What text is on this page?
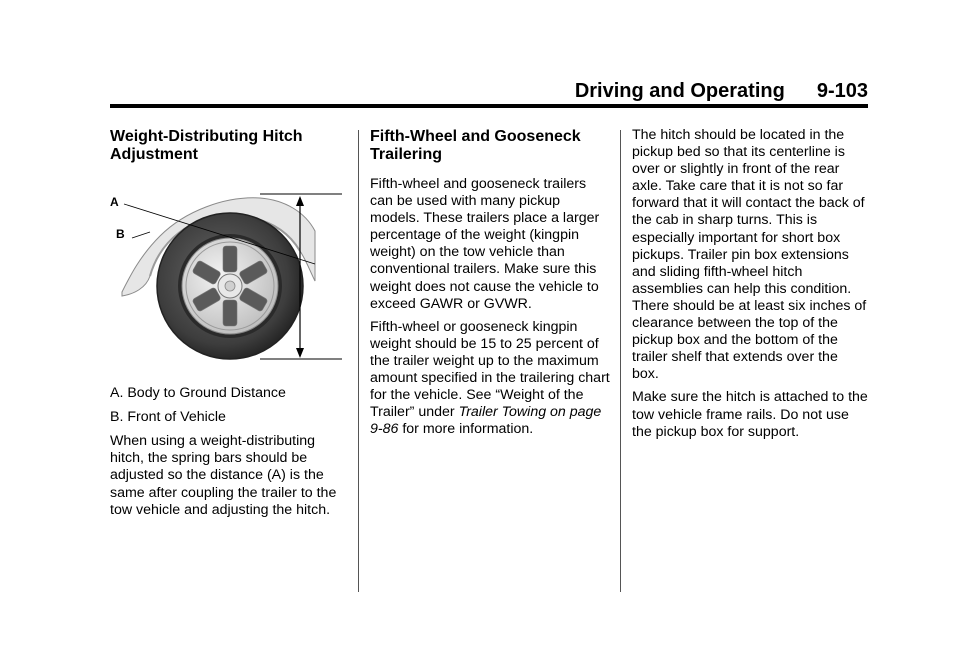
Driving and Operating 9-103
Weight-Distributing Hitch Adjustment
A
B

A. Body to Ground Distance

B. Front of Vehicle

When using a weight-distributing hitch, the spring bars should be adjusted so the distance (A) is the same after coupling the trailer to the tow vehicle and adjusting the hitch.

Fifth-Wheel and Gooseneck Trailering

Fifth-wheel and gooseneck trailers can be used with many pickup models. These trailers place a larger percentage of the weight (kingpin weight) on the tow vehicle than conventional trailers. Make sure this weight does not cause the vehicle to exceed GAWR or GVWR.

Fifth-wheel or gooseneck kingpin weight should be 15 to 25 percent of the trailer weight up to the maximum amount specified in the trailering chart for the vehicle. See “Weight of the Trailer” under Trailer Towing on page 9‑86 for more information.

The hitch should be located in the pickup bed so that its centerline is over or slightly in front of the rear axle. Take care that it is not so far forward that it will contact the back of the cab in sharp turns. This is especially important for short box pickups. Trailer pin box extensions and sliding fifth-wheel hitch assemblies can help this condition. There should be at least six inches of clearance between the top of the pickup box and the bottom of the trailer shelf that extends over the box.

Make sure the hitch is attached to the tow vehicle frame rails. Do not use the pickup box for support.
